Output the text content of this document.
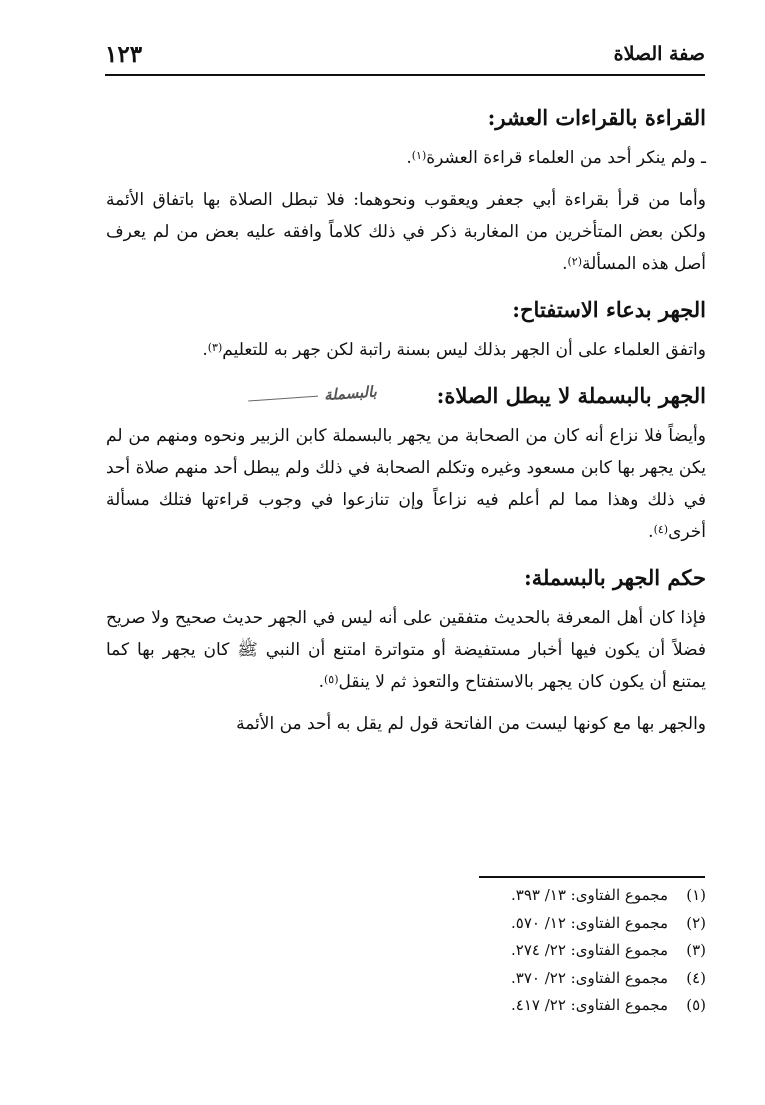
صفة الصلاة
١٢٣
القراءة بالقراءات العشر:

ـ ولم ينكر أحد من العلماء قراءة العشرة$^{(١)}$.

وأما من قرأ بقراءة أبي جعفر ويعقوب ونحوهما: فلا تبطل الصلاة بها باتفاق الأئمة ولكن بعض المتأخرين من المغاربة ذكر في ذلك كلاماً وافقه عليه بعض من لم يعرف أصل هذه المسألة$^{(٢)}$.

الجهر بدعاء الاستفتاح:

واتفق العلماء على أن الجهر بذلك ليس بسنة راتبة لكن جهر به للتعليم$^{(٣)}$.

الجهر بالبسملة لا يبطل الصلاة:
بالبسملة

وأيضاً فلا نزاع أنه كان من الصحابة من يجهر بالبسملة كابن الزبير ونحوه ومنهم من لم يكن يجهر بها كابن مسعود وغيره وتكلم الصحابة في ذلك ولم يبطل أحد منهم صلاة أحد في ذلك وهذا مما لم أعلم فيه نزاعاً وإن تنازعوا في وجوب قراءتها فتلك مسألة أخرى$^{(٤)}$.

حكم الجهر بالبسملة:

فإذا كان أهل المعرفة بالحديث متفقين على أنه ليس في الجهر حديث صحيح ولا صريح فضلاً أن يكون فيها أخبار مستفيضة أو متواترة امتنع أن النبي ﷺ كان يجهر بها كما يمتنع أن يكون كان يجهر بالاستفتاح والتعوذ ثم لا ينقل$^{(٥)}$.

والجهر بها مع كونها ليست من الفاتحة قول لم يقل به أحد من الأئمة

(١)
مجموع الفتاوى: ١٣/ ٣٩٣.
(٢)
مجموع الفتاوى: ١٢/ ٥٧٠.
(٣)
مجموع الفتاوى: ٢٢/ ٢٧٤.
(٤)
مجموع الفتاوى: ٢٢/ ٣٧٠.
(٥)
مجموع الفتاوى: ٢٢/ ٤١٧.
